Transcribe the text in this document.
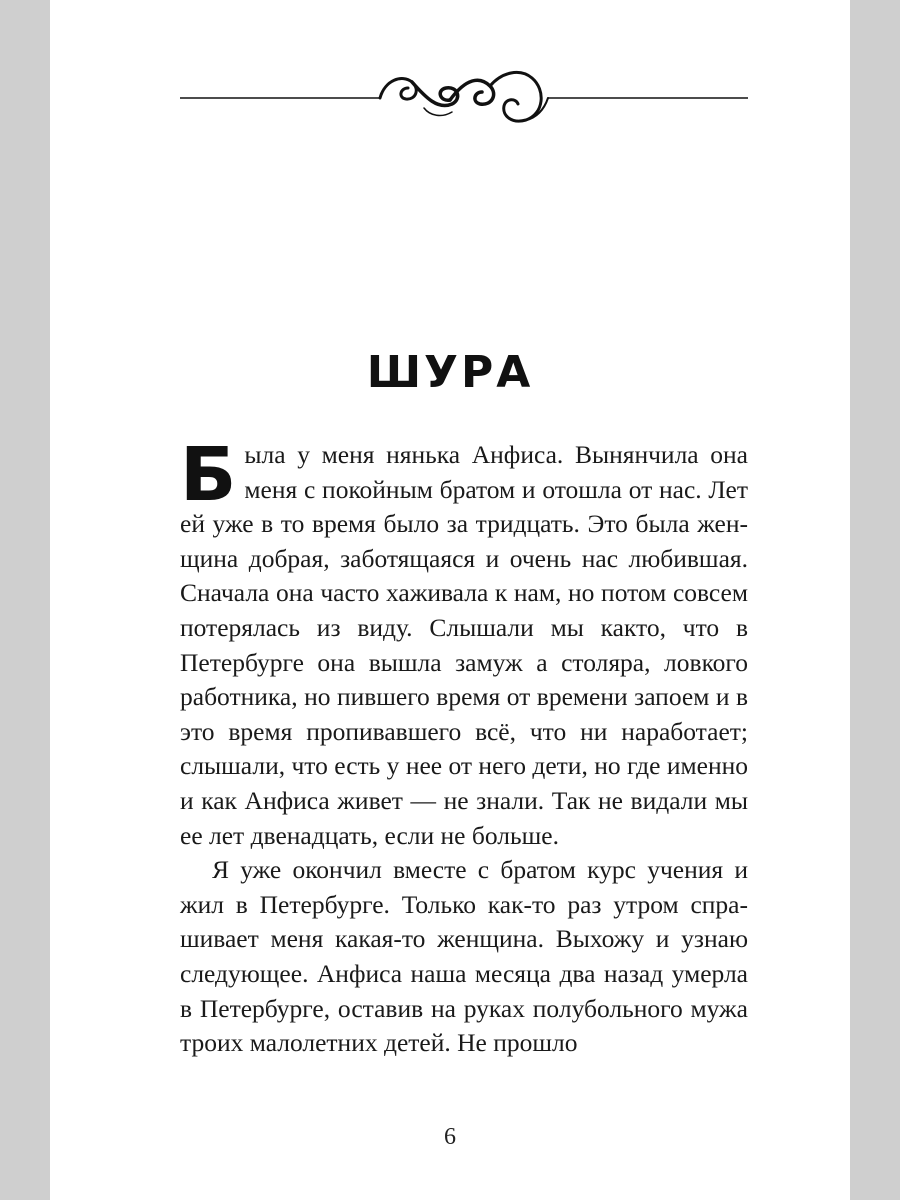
ШУРА

Была у меня нянька Анфиса. Вынянчила она меня с покойным братом и отошла от нас. Лет ей уже в то время было за тридцать. Это была женщина добрая, заботящаяся и очень нас любившая. Сначала она часто хаживала к нам, но потом совсем потерялась из виду. Слышали мы както, что в Петербурге она вышла замуж а столяра, ловкого работника, но пившего время от времени запоем и в это время пропивавшего всё, что ни наработает; слышали, что есть у нее от него дети, но где именно и как Анфиса живет — не знали. Так не видали мы ее лет двенадцать, если не больше.

Я уже окончил вместе с братом курс учения и жил в Петербурге. Только как-то раз утром спрашивает меня какая-то женщина. Выхожу и узнаю следующее. Анфиса наша месяца два назад умерла в Петербурге, оставив на руках полубольного мужа троих малолетних детей. Не прошло

6
